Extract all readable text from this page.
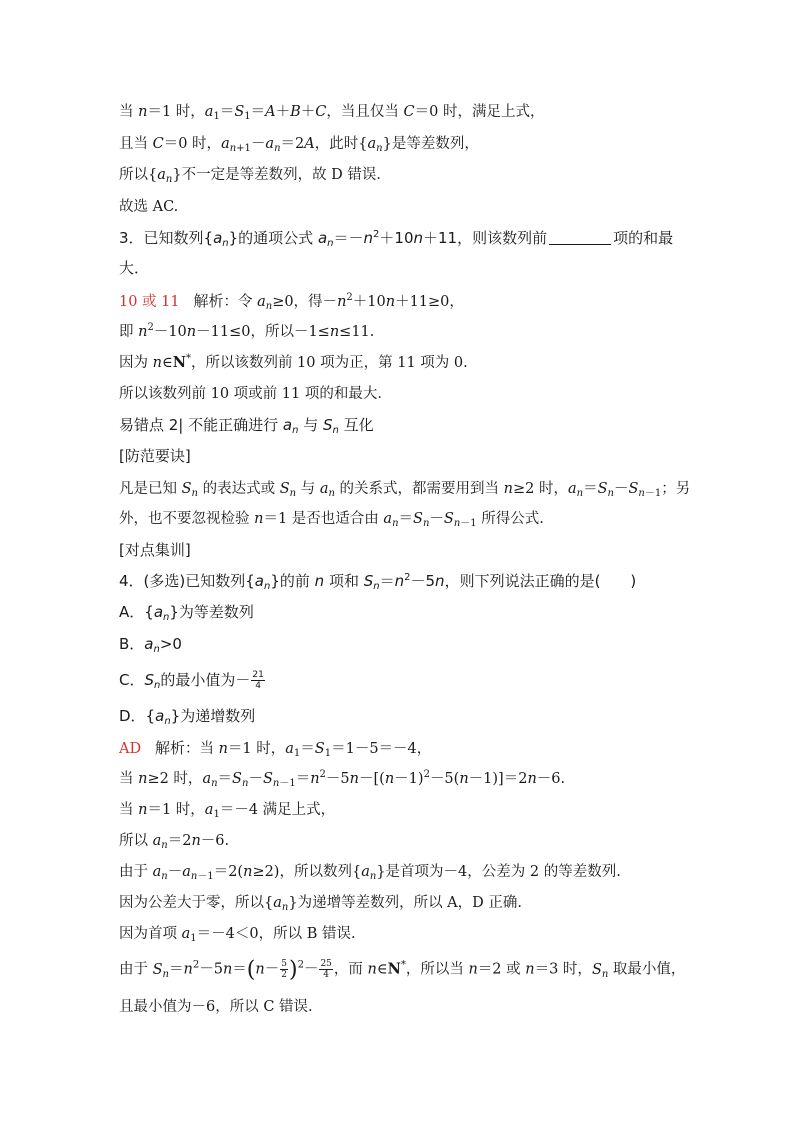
当 n＝1 时，$a_1=S_1=A+B+C$，当且仅当 C＝0 时，满足上式，
且当 C＝0 时，$a_{n+1}-a_n=2A$，此时$\{a_n\}$是等差数列，
所以$\{a_n\}$不一定是等差数列，故 D 错误．
故选 AC.
3．已知数列$\{a_n\}$的通项公式 $a_n=-n^2+10n+11$，则该数列前	项的和最
大．
10 或 11 解析：令 $a_n\ge 0$，得$-n^2+10n+11\ge 0$，
即 $n^2-10n-11\le 0$，所以－1≤n≤11.
因为 n∈N*，所以该数列前 10 项为正，第 11 项为 0.
所以该数列前 10 项或前 11 项的和最大．
易错点 2| 不能正确进行 $a_n$ 与 $S_n$ 互化
[防范要诀]
凡是已知 $S_n$ 的表达式或 $S_n$ 与 $a_n$ 的关系式，都需要用到当 n≥2 时，$a_n=S_n-S_{n-1}$；另
外，也不要忽视检验 n＝1 是否也适合由 $a_n=S_n-S_{n-1}$ 所得公式.
[对点集训]
4．(多选)已知数列$\{a_n\}$的前 n 项和 $S_n=n^2-5n$，则下列说法正确的是(　　)
A．$\{a_n\}$为等差数列
B．$a_n>0$
C．$S_n$的最小值为－ $\frac{21}{4}$
D．$\{a_n\}$为递增数列
AD 解析：当 n＝1 时，$a_1=S_1=1-5=-4$，
当 n≥2 时，$a_n=S_n-S_{n-1}=n^2-5n-[(n-1)^2-5(n-1)]=2n-6$.
当 n＝1 时，$a_1=-4$ 满足上式，
所以 $a_n=2n-6$.
由于 $a_n-a_{n-1}=2(n\ge 2)$，所以数列$\{a_n\}$是首项为－4，公差为 2 的等差数列.
因为公差大于零，所以$\{a_n\}$为递增等差数列，所以 A，D 正确.
因为首项 $a_1=-4<0$，所以 B 错误.
由于 $S_n=n^2-5n=(n- \frac{5}{2} )^2- \frac{25}{4}$ ，而 n∈N*，所以当 n＝2 或 n＝3 时，$S_n$ 取最小值，
且最小值为－6，所以 C 错误.
